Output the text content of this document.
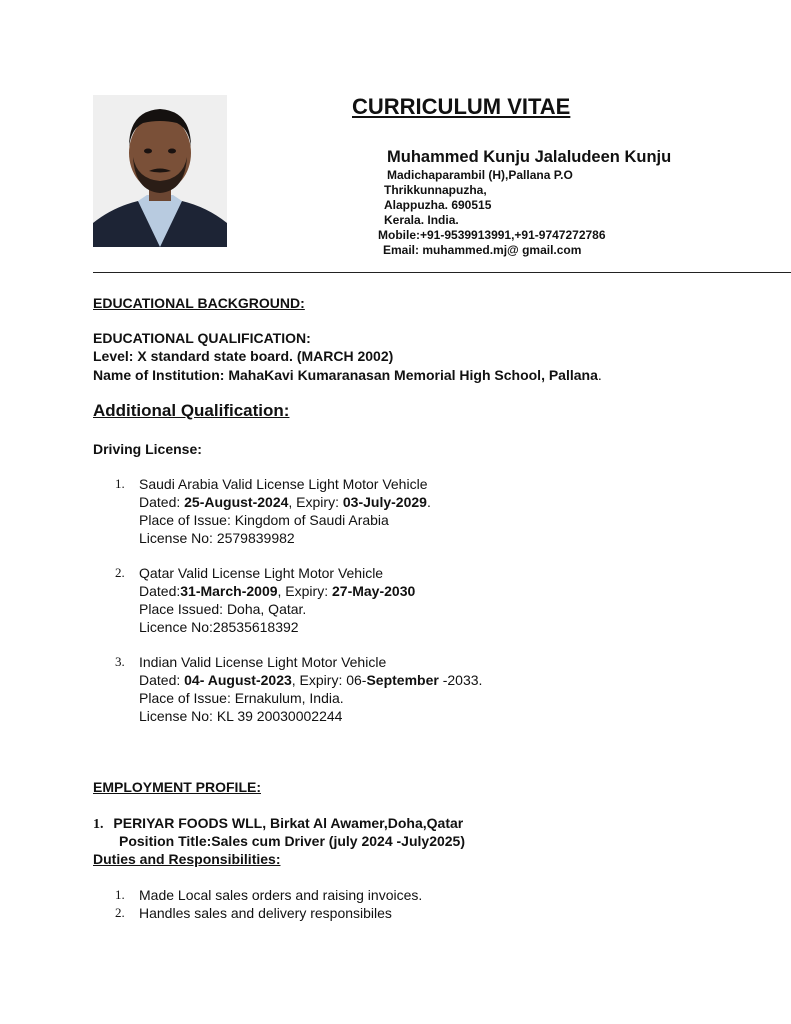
CURRICULUM VITAE
Muhammed Kunju Jalaludeen Kunju
Madichaparambil (H),Pallana P.O
Thrikkunnapuzha,
Alappuzha. 690515
Kerala. India.
Mobile:+91-9539913991,+91-9747272786
Email: muhammed.mj@ gmail.com
EDUCATIONAL BACKGROUND:
EDUCATIONAL QUALIFICATION:
Level: X standard state board. (MARCH 2002)
Name of Institution: MahaKavi Kumaranasan Memorial High School, Pallana.
Additional Qualification:
Driving License:
1. Saudi Arabia Valid License Light Motor Vehicle
Dated: 25-August-2024, Expiry: 03-July-2029.
Place of Issue: Kingdom of Saudi Arabia
License No: 2579839982
2. Qatar Valid License Light Motor Vehicle
Dated:31-March-2009, Expiry: 27-May-2030
Place Issued: Doha, Qatar.
Licence No:28535618392
3. Indian Valid License Light Motor Vehicle
Dated: 04- August-2023, Expiry: 06-September -2033.
Place of Issue: Ernakulum, India.
License No: KL 39 20030002244
EMPLOYMENT PROFILE:
1. PERIYAR FOODS WLL, Birkat Al Awamer,Doha,Qatar
Position Title:Sales cum Driver (july 2024 -July2025)
Duties and Responsibilities:
1. Made Local sales orders and raising invoices.
2. Handles sales and delivery responsibiles
